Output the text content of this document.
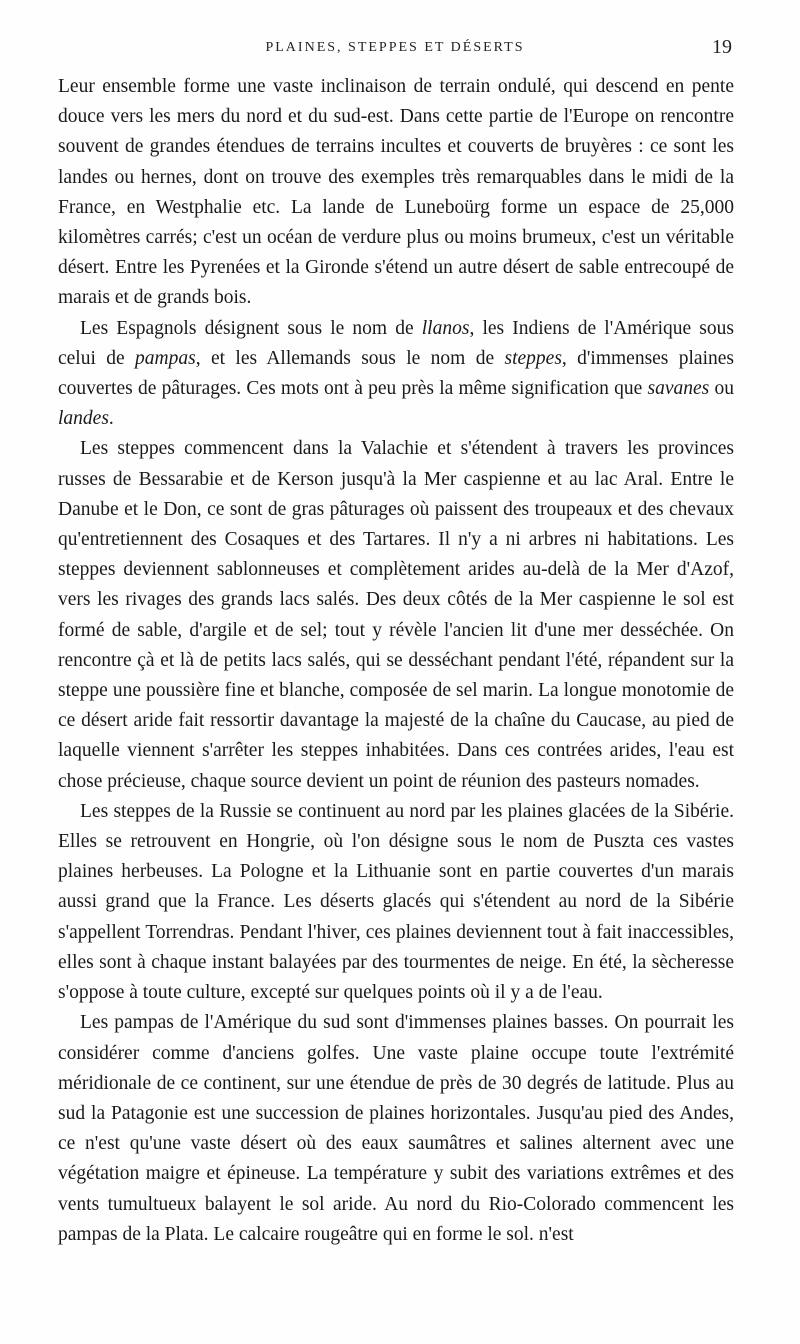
PLAINES, STEPPES ET DÉSERTS	19

Leur ensemble forme une vaste inclinaison de terrain ondulé, qui descend en pente douce vers les mers du nord et du sud-est. Dans cette partie de l'Europe on rencontre souvent de grandes étendues de terrains incultes et couverts de bruyères : ce sont les landes ou hernes, dont on trouve des exemples très remarquables dans le midi de la France, en Westphalie etc. La lande de Luneboürg forme un espace de 25,000 kilomètres carrés; c'est un océan de verdure plus ou moins brumeux, c'est un véritable désert. Entre les Pyrenées et la Gironde s'étend un autre désert de sable entrecoupé de marais et de grands bois.

Les Espagnols désignent sous le nom de llanos, les Indiens de l'Amérique sous celui de pampas, et les Allemands sous le nom de steppes, d'immenses plaines couvertes de pâturages. Ces mots ont à peu près la même signification que savanes ou landes.

Les steppes commencent dans la Valachie et s'étendent à travers les provinces russes de Bessarabie et de Kerson jusqu'à la Mer caspienne et au lac Aral. Entre le Danube et le Don, ce sont de gras pâturages où paissent des troupeaux et des chevaux qu'entretiennent des Cosaques et des Tartares. Il n'y a ni arbres ni habitations. Les steppes deviennent sablonneuses et complètement arides au-delà de la Mer d'Azof, vers les rivages des grands lacs salés. Des deux côtés de la Mer caspienne le sol est formé de sable, d'argile et de sel; tout y révèle l'ancien lit d'une mer desséchée. On rencontre çà et là de petits lacs salés, qui se desséchant pendant l'été, répandent sur la steppe une poussière fine et blanche, composée de sel marin. La longue monotomie de ce désert aride fait ressortir davantage la majesté de la chaîne du Caucase, au pied de laquelle viennent s'arrêter les steppes inhabitées. Dans ces contrées arides, l'eau est chose précieuse, chaque source devient un point de réunion des pasteurs nomades.

Les steppes de la Russie se continuent au nord par les plaines glacées de la Sibérie. Elles se retrouvent en Hongrie, où l'on désigne sous le nom de Puszta ces vastes plaines herbeuses. La Pologne et la Lithuanie sont en partie couvertes d'un marais aussi grand que la France. Les déserts glacés qui s'étendent au nord de la Sibérie s'appellent Torrendras. Pendant l'hiver, ces plaines deviennent tout à fait inaccessibles, elles sont à chaque instant balayées par des tourmentes de neige. En été, la sècheresse s'oppose à toute culture, excepté sur quelques points où il y a de l'eau.

Les pampas de l'Amérique du sud sont d'immenses plaines basses. On pourrait les considérer comme d'anciens golfes. Une vaste plaine occupe toute l'extrémité méridionale de ce continent, sur une étendue de près de 30 degrés de latitude. Plus au sud la Patagonie est une succession de plaines horizontales. Jusqu'au pied des Andes, ce n'est qu'une vaste désert où des eaux saumâtres et salines alternent avec une végétation maigre et épineuse. La température y subit des variations extrêmes et des vents tumultueux balayent le sol aride. Au nord du Rio-Colorado commencent les pampas de la Plata. Le calcaire rougeâtre qui en forme le sol. n'est
